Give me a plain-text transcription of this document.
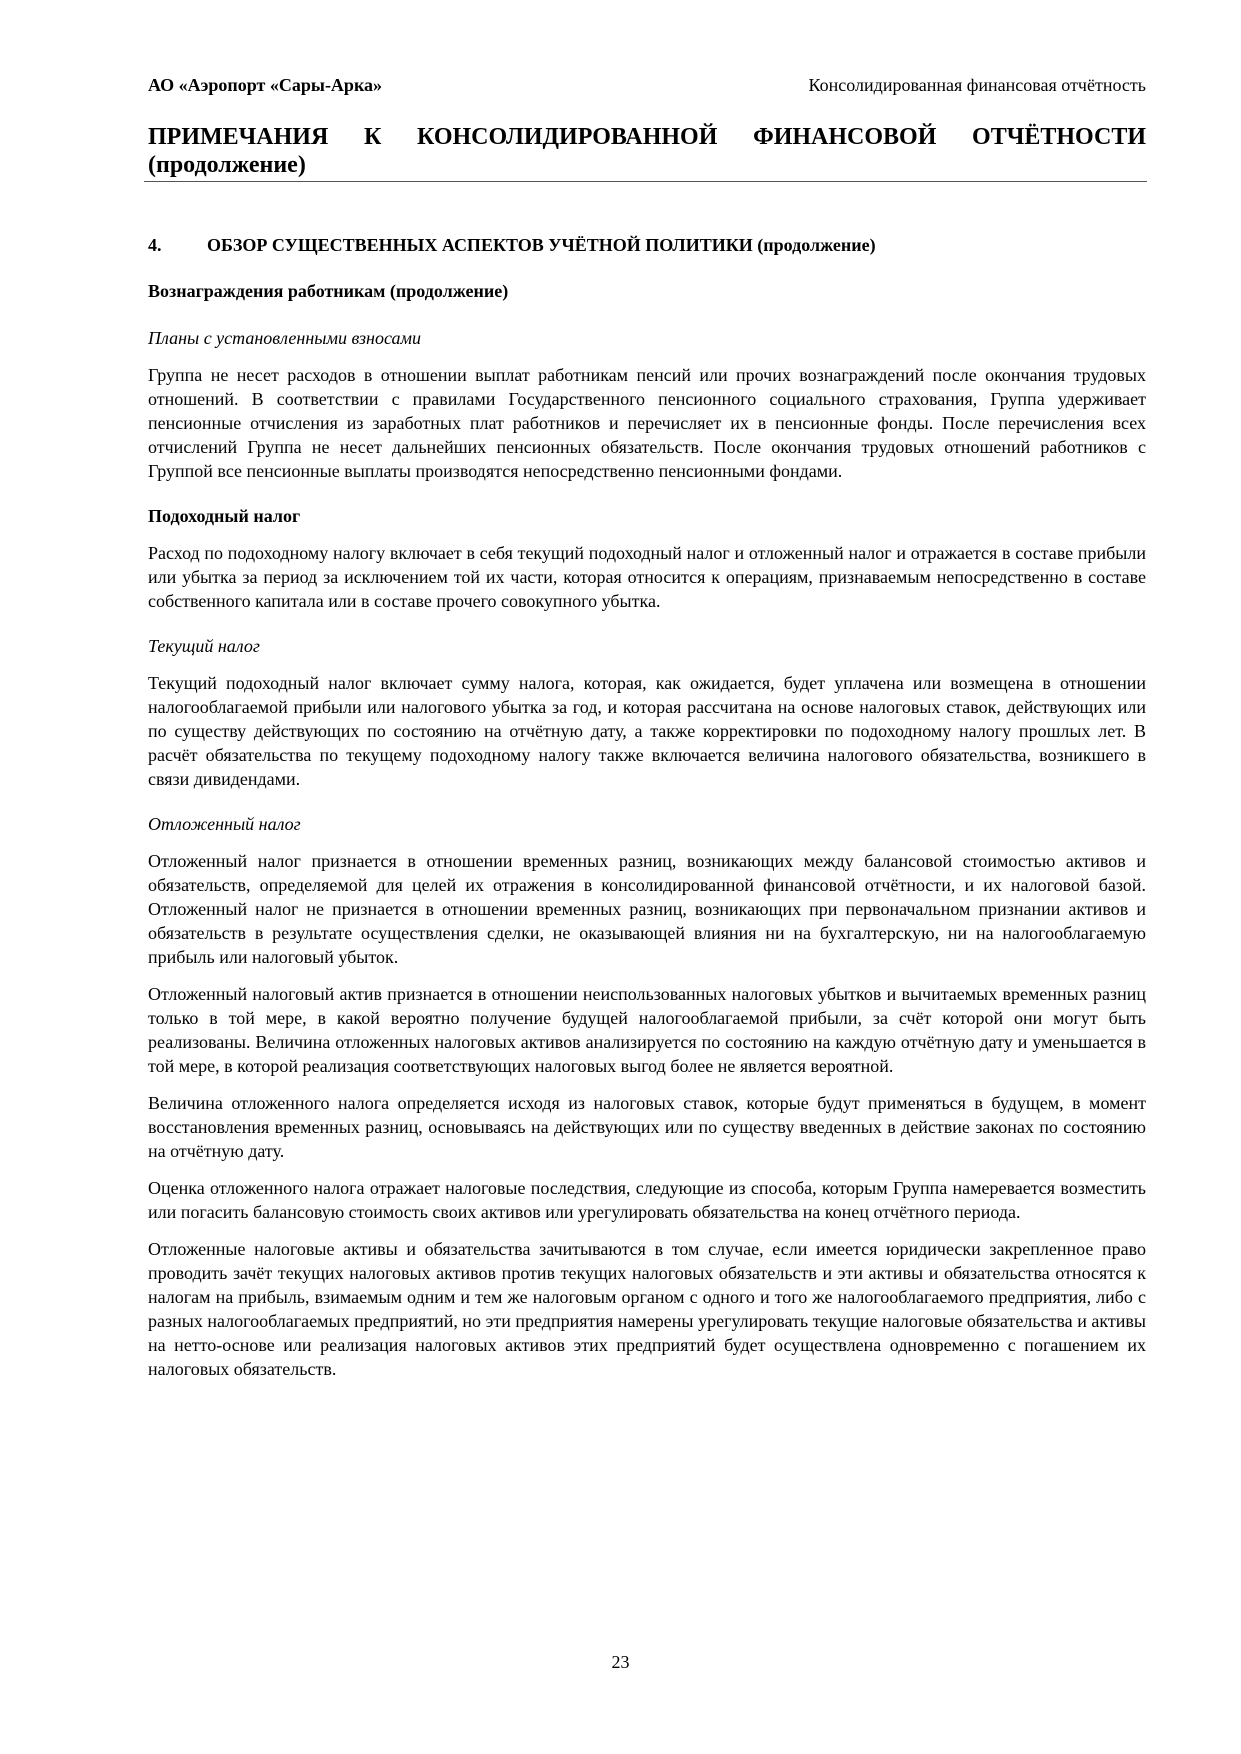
АО «Аэропорт «Сары-Арка»	Консолидированная финансовая отчётность
ПРИМЕЧАНИЯ К КОНСОЛИДИРОВАННОЙ ФИНАНСОВОЙ ОТЧЁТНОСТИ
(продолжение)
4.	ОБЗОР СУЩЕСТВЕННЫХ АСПЕКТОВ УЧЁТНОЙ ПОЛИТИКИ (продолжение)

Вознаграждения работникам (продолжение)

Планы с установленными взносами

Группа не несет расходов в отношении выплат работникам пенсий или прочих вознаграждений после окончания трудовых отношений. В соответствии с правилами Государственного пенсионного социального страхования, Группа удерживает пенсионные отчисления из заработных плат работников и перечисляет их в пенсионные фонды. После перечисления всех отчислений Группа не несет дальнейших пенсионных обязательств. После окончания трудовых отношений работников с Группой все пенсионные выплаты производятся непосредственно пенсионными фондами.

Подоходный налог

Расход по подоходному налогу включает в себя текущий подоходный налог и отложенный налог и отражается в составе прибыли или убытка за период за исключением той их части, которая относится к операциям, признаваемым непосредственно в составе собственного капитала или в составе прочего совокупного убытка.

Текущий налог

Текущий подоходный налог включает сумму налога, которая, как ожидается, будет уплачена или возмещена в отношении налогооблагаемой прибыли или налогового убытка за год, и которая рассчитана на основе налоговых ставок, действующих или по существу действующих по состоянию на отчётную дату, а также корректировки по подоходному налогу прошлых лет. В расчёт обязательства по текущему подоходному налогу также включается величина налогового обязательства, возникшего в связи дивидендами.

Отложенный налог

Отложенный налог признается в отношении временных разниц, возникающих между балансовой стоимостью активов и обязательств, определяемой для целей их отражения в консолидированной финансовой отчётности, и их налоговой базой. Отложенный налог не признается в отношении временных разниц, возникающих при первоначальном признании активов и обязательств в результате осуществления сделки, не оказывающей влияния ни на бухгалтерскую, ни на налогооблагаемую прибыль или налоговый убыток.

Отложенный налоговый актив признается в отношении неиспользованных налоговых убытков и вычитаемых временных разниц только в той мере, в какой вероятно получение будущей налогооблагаемой прибыли, за счёт которой они могут быть реализованы. Величина отложенных налоговых активов анализируется по состоянию на каждую отчётную дату и уменьшается в той мере, в которой реализация соответствующих налоговых выгод более не является вероятной.

Величина отложенного налога определяется исходя из налоговых ставок, которые будут применяться в будущем, в момент восстановления временных разниц, основываясь на действующих или по существу введенных в действие законах по состоянию на отчётную дату.

Оценка отложенного налога отражает налоговые последствия, следующие из способа, которым Группа намеревается возместить или погасить балансовую стоимость своих активов или урегулировать обязательства на конец отчётного периода.

Отложенные налоговые активы и обязательства зачитываются в том случае, если имеется юридически закрепленное право проводить зачёт текущих налоговых активов против текущих налоговых обязательств и эти активы и обязательства относятся к налогам на прибыль, взимаемым одним и тем же налоговым органом с одного и того же налогооблагаемого предприятия, либо с разных налогооблагаемых предприятий, но эти предприятия намерены урегулировать текущие налоговые обязательства и активы на нетто-основе или реализация налоговых активов этих предприятий будет осуществлена одновременно с погашением их налоговых обязательств.

23
